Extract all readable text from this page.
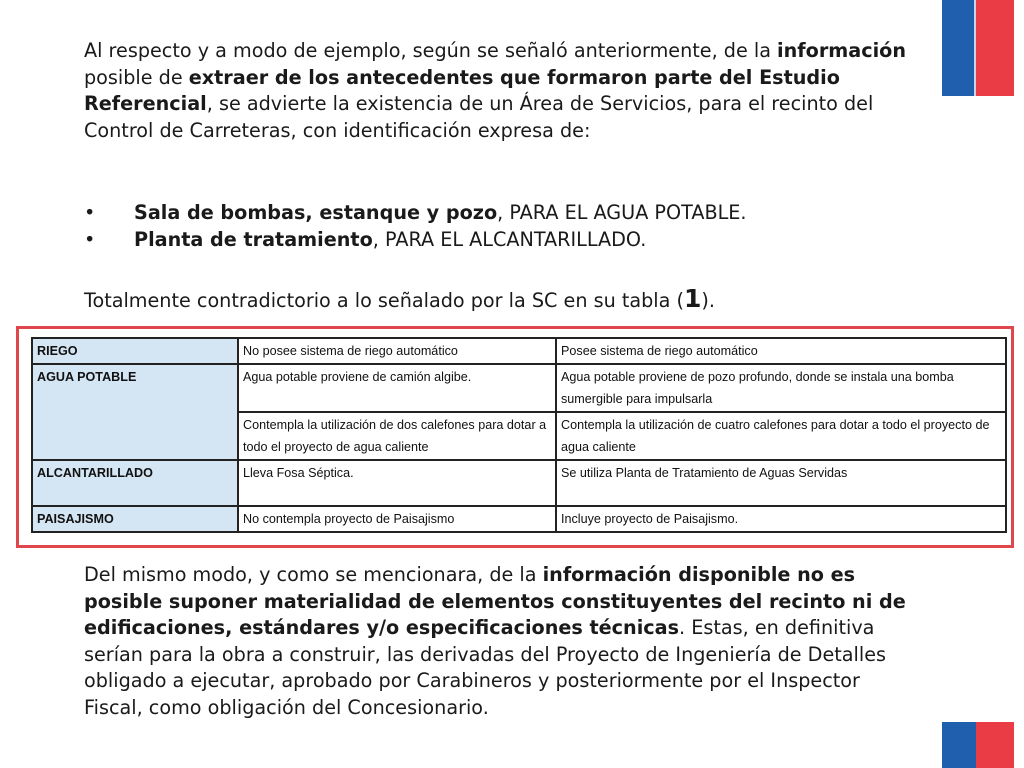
Al respecto y a modo de ejemplo, según se señaló anteriormente, de la información posible de extraer de los antecedentes que formaron parte del Estudio Referencial, se advierte la existencia de un Área de Servicios, para el recinto del Control de Carreteras, con identificación expresa de:

• Sala de bombas, estanque y pozo, PARA EL AGUA POTABLE.
• Planta de tratamiento, PARA EL ALCANTARILLADO.

Totalmente contradictorio a lo señalado por la SC en su tabla (1).

RIEGO	No posee sistema de riego automático	Posee sistema de riego automático
AGUA POTABLE	Agua potable proviene de camión algibe.	Agua potable proviene de pozo profundo, donde se instala una bomba sumergible para impulsarla
	Contempla la utilización de dos calefones para dotar a todo el proyecto de agua caliente	Contempla la utilización de cuatro calefones para dotar a todo el proyecto de agua caliente
ALCANTARILLADO	Lleva Fosa Séptica.	Se utiliza Planta de Tratamiento de Aguas Servidas
PAISAJISMO	No contempla proyecto de Paisajismo	Incluye proyecto de Paisajismo.

Del mismo modo, y como se mencionara, de la información disponible no es posible suponer materialidad de elementos constituyentes del recinto ni de edificaciones, estándares y/o especificaciones técnicas. Estas, en definitiva serían para la obra a construir, las derivadas del Proyecto de Ingeniería de Detalles obligado a ejecutar, aprobado por Carabineros y posteriormente por el Inspector Fiscal, como obligación del Concesionario.
